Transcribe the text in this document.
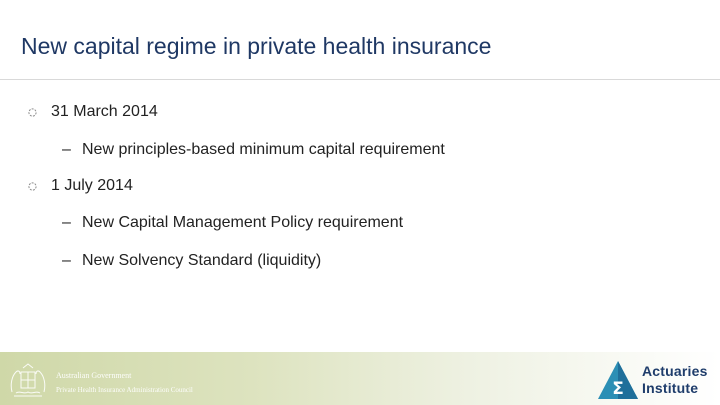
New capital regime in private health insurance
31 March 2014
– New principles-based minimum capital requirement
1 July 2014
– New Capital Management Policy requirement
– New Solvency Standard (liquidity)
Australian Government
Private Health Insurance Administration Council	Σ
Actuaries
Institute
